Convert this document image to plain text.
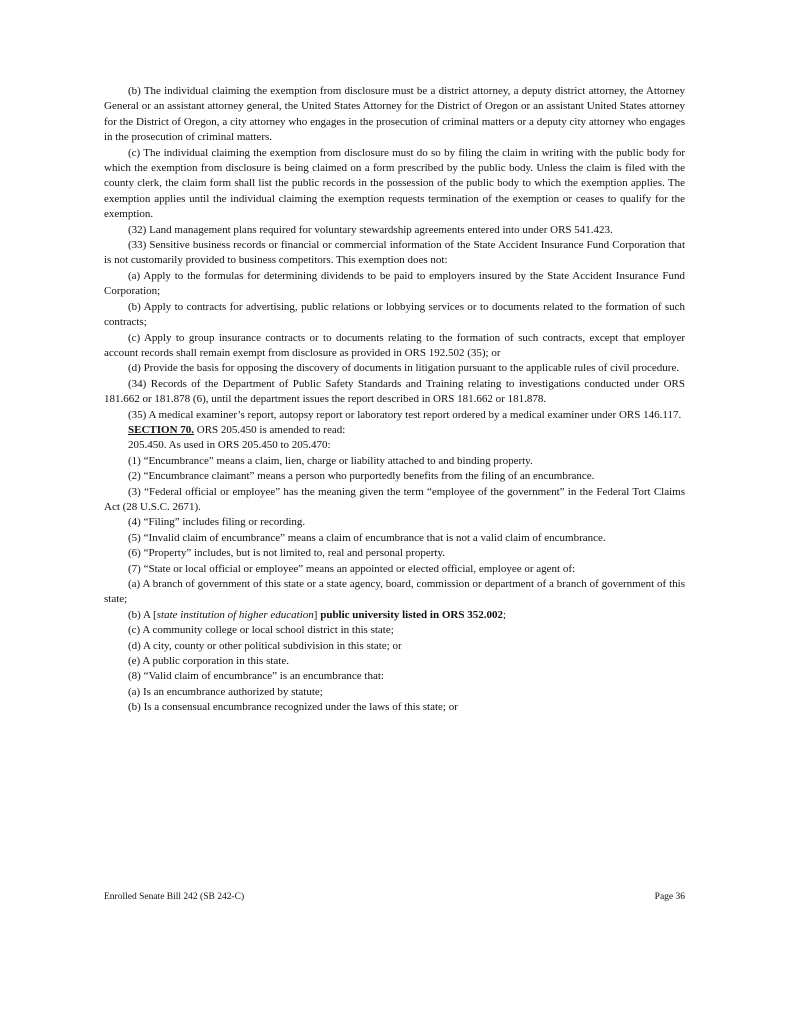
(b) The individual claiming the exemption from disclosure must be a district attorney, a deputy district attorney, the Attorney General or an assistant attorney general, the United States Attorney for the District of Oregon or an assistant United States attorney for the District of Oregon, a city attorney who engages in the prosecution of criminal matters or a deputy city attorney who engages in the prosecution of criminal matters.

(c) The individual claiming the exemption from disclosure must do so by filing the claim in writing with the public body for which the exemption from disclosure is being claimed on a form prescribed by the public body. Unless the claim is filed with the county clerk, the claim form shall list the public records in the possession of the public body to which the exemption applies. The exemption applies until the individual claiming the exemption requests termination of the exemption or ceases to qualify for the exemption.

(32) Land management plans required for voluntary stewardship agreements entered into under ORS 541.423.

(33) Sensitive business records or financial or commercial information of the State Accident Insurance Fund Corporation that is not customarily provided to business competitors. This exemption does not:

(a) Apply to the formulas for determining dividends to be paid to employers insured by the State Accident Insurance Fund Corporation;

(b) Apply to contracts for advertising, public relations or lobbying services or to documents related to the formation of such contracts;

(c) Apply to group insurance contracts or to documents relating to the formation of such contracts, except that employer account records shall remain exempt from disclosure as provided in ORS 192.502 (35); or

(d) Provide the basis for opposing the discovery of documents in litigation pursuant to the applicable rules of civil procedure.

(34) Records of the Department of Public Safety Standards and Training relating to investigations conducted under ORS 181.662 or 181.878 (6), until the department issues the report described in ORS 181.662 or 181.878.

(35) A medical examiner’s report, autopsy report or laboratory test report ordered by a medical examiner under ORS 146.117.

SECTION 70. ORS 205.450 is amended to read:

205.450. As used in ORS 205.450 to 205.470:

(1) “Encumbrance” means a claim, lien, charge or liability attached to and binding property.

(2) “Encumbrance claimant” means a person who purportedly benefits from the filing of an encumbrance.

(3) “Federal official or employee” has the meaning given the term “employee of the government” in the Federal Tort Claims Act (28 U.S.C. 2671).

(4) “Filing” includes filing or recording.

(5) “Invalid claim of encumbrance” means a claim of encumbrance that is not a valid claim of encumbrance.

(6) “Property” includes, but is not limited to, real and personal property.

(7) “State or local official or employee” means an appointed or elected official, employee or agent of:

(a) A branch of government of this state or a state agency, board, commission or department of a branch of government of this state;

(b) A [state institution of higher education] public university listed in ORS 352.002;

(c) A community college or local school district in this state;

(d) A city, county or other political subdivision in this state; or

(e) A public corporation in this state.

(8) “Valid claim of encumbrance” is an encumbrance that:

(a) Is an encumbrance authorized by statute;

(b) Is a consensual encumbrance recognized under the laws of this state; or

Enrolled Senate Bill 242 (SB 242-C)	Page 36
